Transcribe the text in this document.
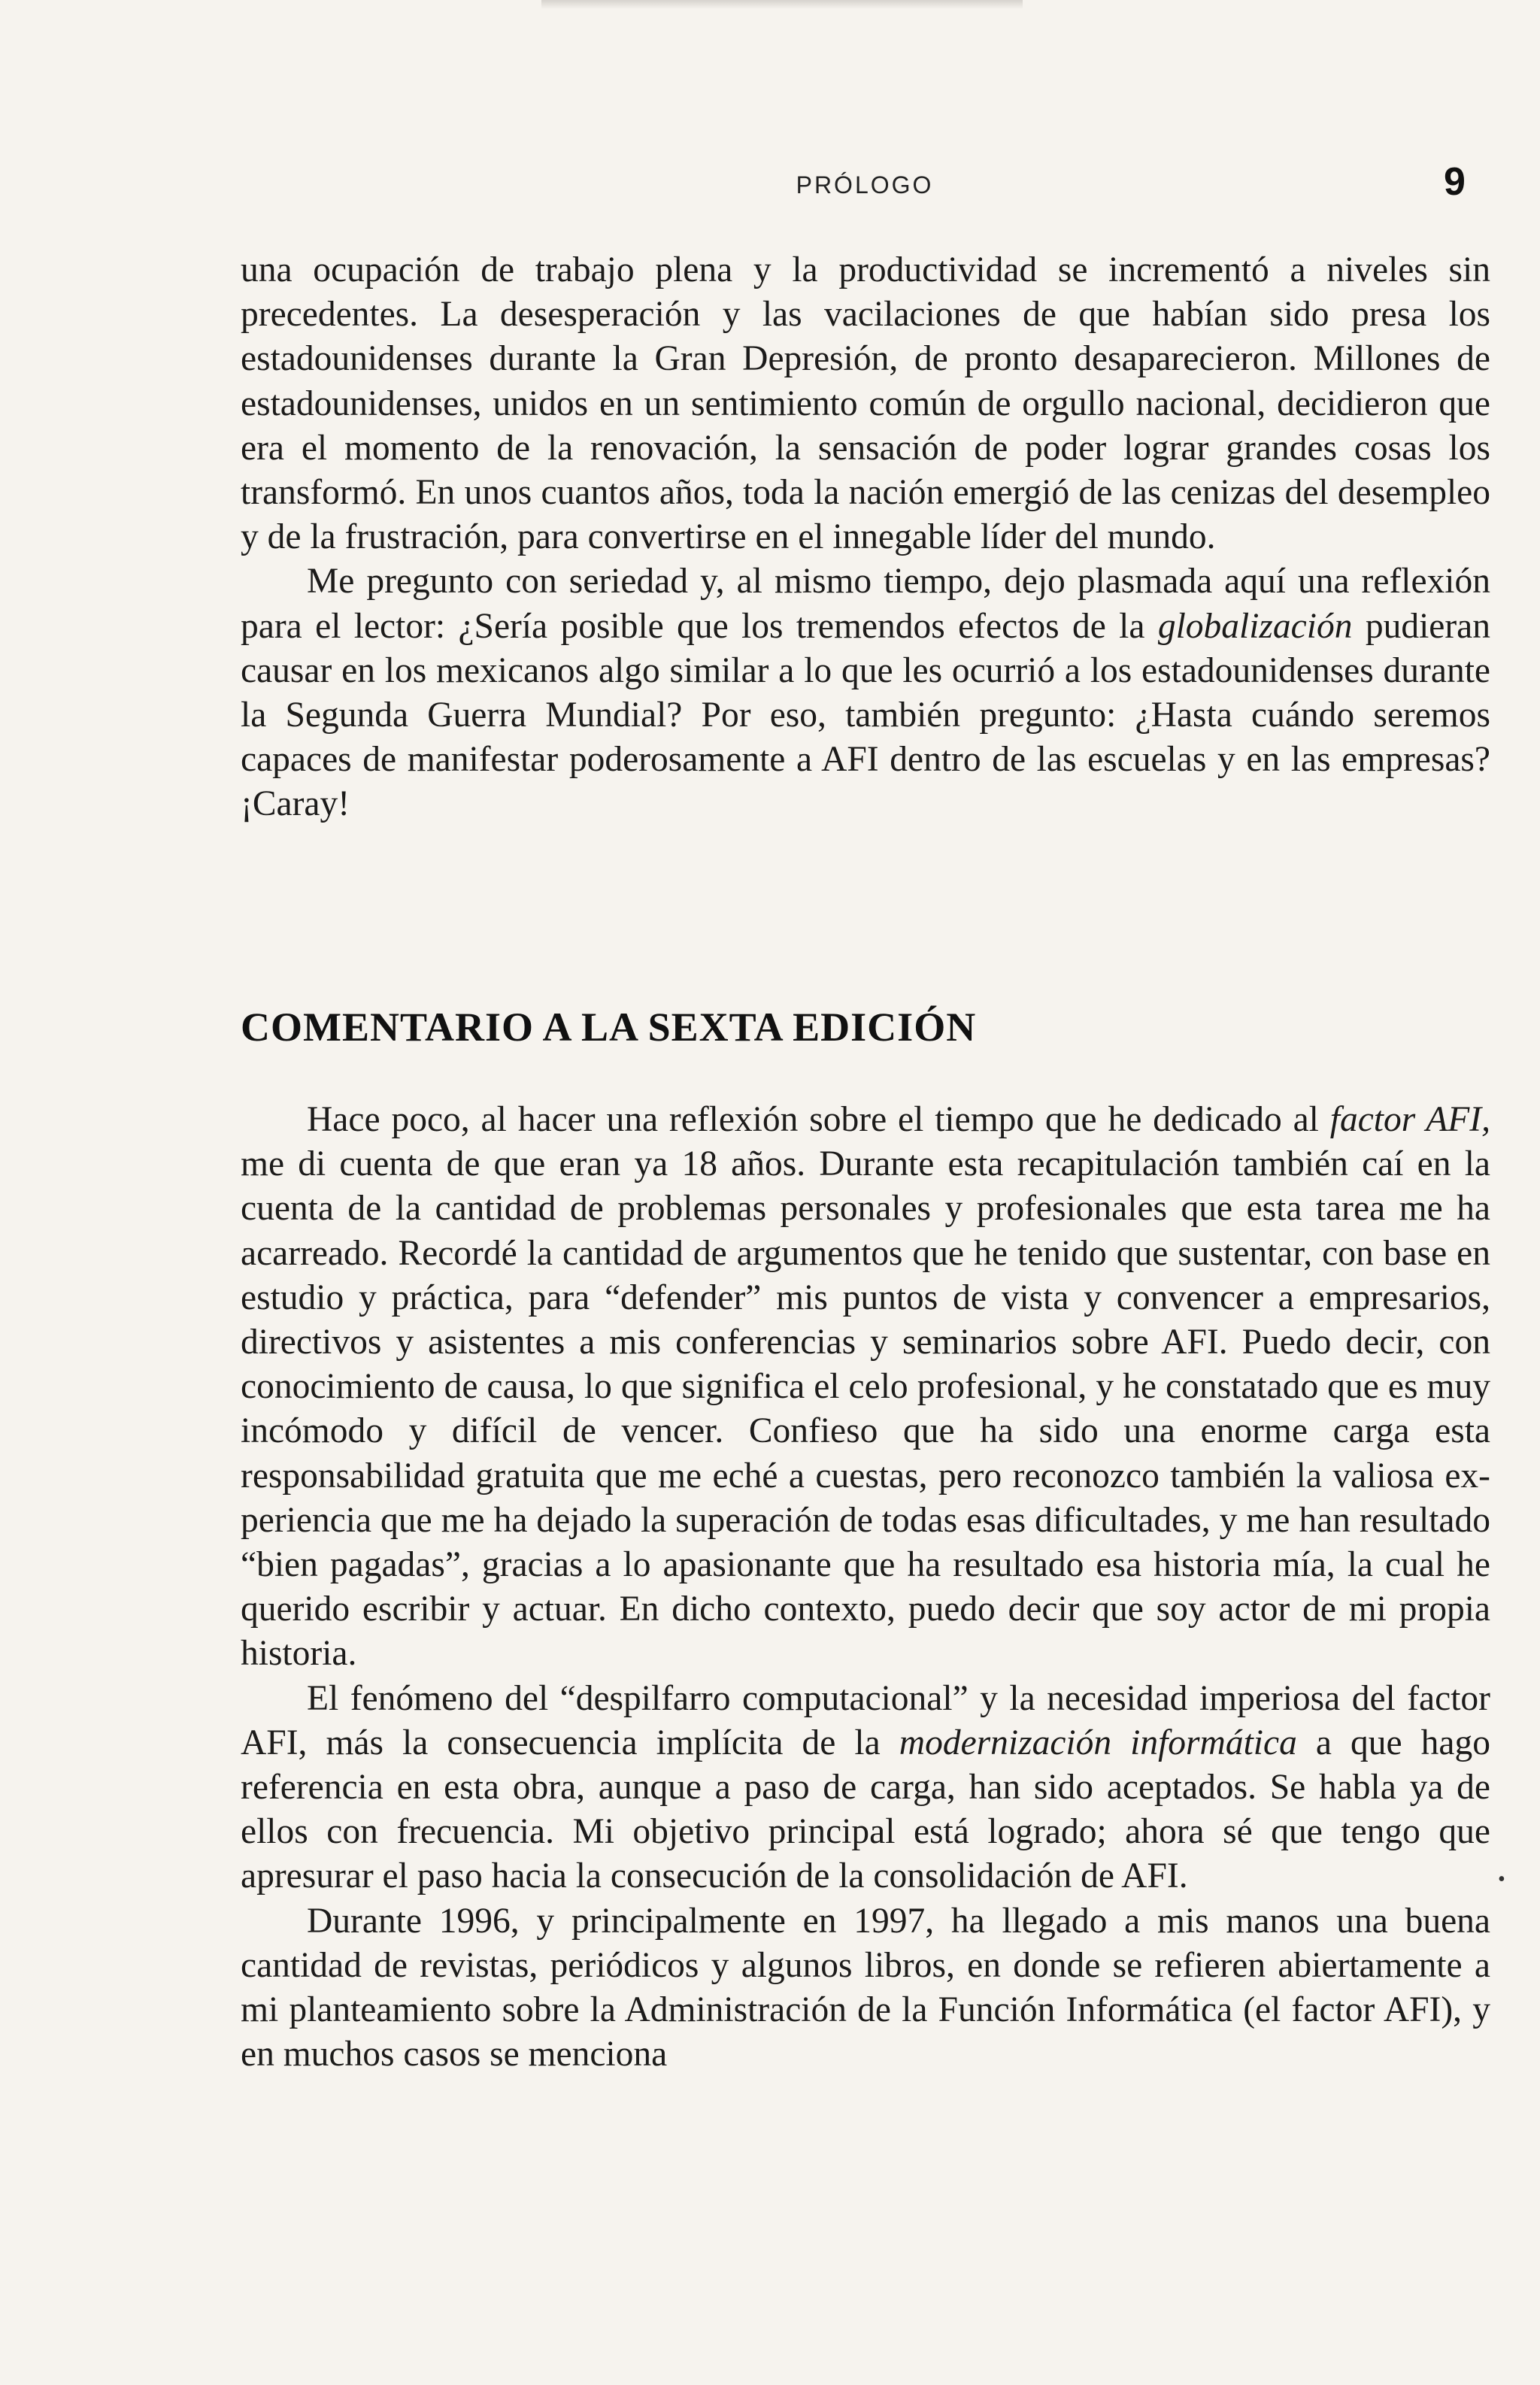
PRÓLOGO	9

una ocupación de trabajo plena y la productividad se incrementó a niveles sin precedentes. La desesperación y las vacilaciones de que habían sido presa los estadounidenses durante la Gran Depresión, de pronto desaparecieron. Millones de estadounidenses, unidos en un sentimiento común de orgullo nacional, decidieron que era el momento de la renovación, la sensación de poder lograr grandes cosas los transformó. En unos cuantos años, toda la nación emergió de las cenizas del desempleo y de la frustración, para convertirse en el innegable líder del mundo.

Me pregunto con seriedad y, al mismo tiempo, dejo plasmada aquí una reflexión para el lector: ¿Sería posible que los tremendos efectos de la globalización pudieran causar en los mexicanos algo similar a lo que les ocurrió a los estadounidenses durante la Segunda Guerra Mundial? Por eso, también pregunto: ¿Hasta cuándo seremos capaces de manifestar poderosamente a AFI dentro de las escuelas y en las empresas? ¡Caray!

COMENTARIO A LA SEXTA EDICIÓN

Hace poco, al hacer una reflexión sobre el tiempo que he dedicado al factor AFI, me di cuenta de que eran ya 18 años. Durante esta recapitulación también caí en la cuenta de la cantidad de problemas personales y profesionales que esta tarea me ha acarreado. Recordé la cantidad de argumentos que he tenido que sustentar, con base en estudio y práctica, para “defender” mis puntos de vista y convencer a empresarios, directivos y asistentes a mis conferencias y seminarios sobre AFI. Puedo decir, con conocimiento de causa, lo que significa el celo profesional, y he constatado que es muy incómodo y difícil de vencer. Confieso que ha sido una enorme carga esta responsabilidad gratuita que me eché a cuestas, pero reconozco también la valiosa experiencia que me ha dejado la superación de todas esas dificultades, y me han resultado “bien pagadas”, gracias a lo apasionante que ha resultado esa historia mía, la cual he querido escribir y actuar. En dicho contexto, puedo decir que soy actor de mi propia historia.

El fenómeno del “despilfarro computacional” y la necesidad imperiosa del factor AFI, más la consecuencia implícita de la modernización informática a que hago referencia en esta obra, aunque a paso de carga, han sido aceptados. Se habla ya de ellos con frecuencia. Mi objetivo principal está logrado; ahora sé que tengo que apresurar el paso hacia la consecución de la consolidación de AFI.

Durante 1996, y principalmente en 1997, ha llegado a mis manos una buena cantidad de revistas, periódicos y algunos libros, en donde se refieren abiertamente a mi planteamiento sobre la Administración de la Función Informática (el factor AFI), y en muchos casos se menciona

•
